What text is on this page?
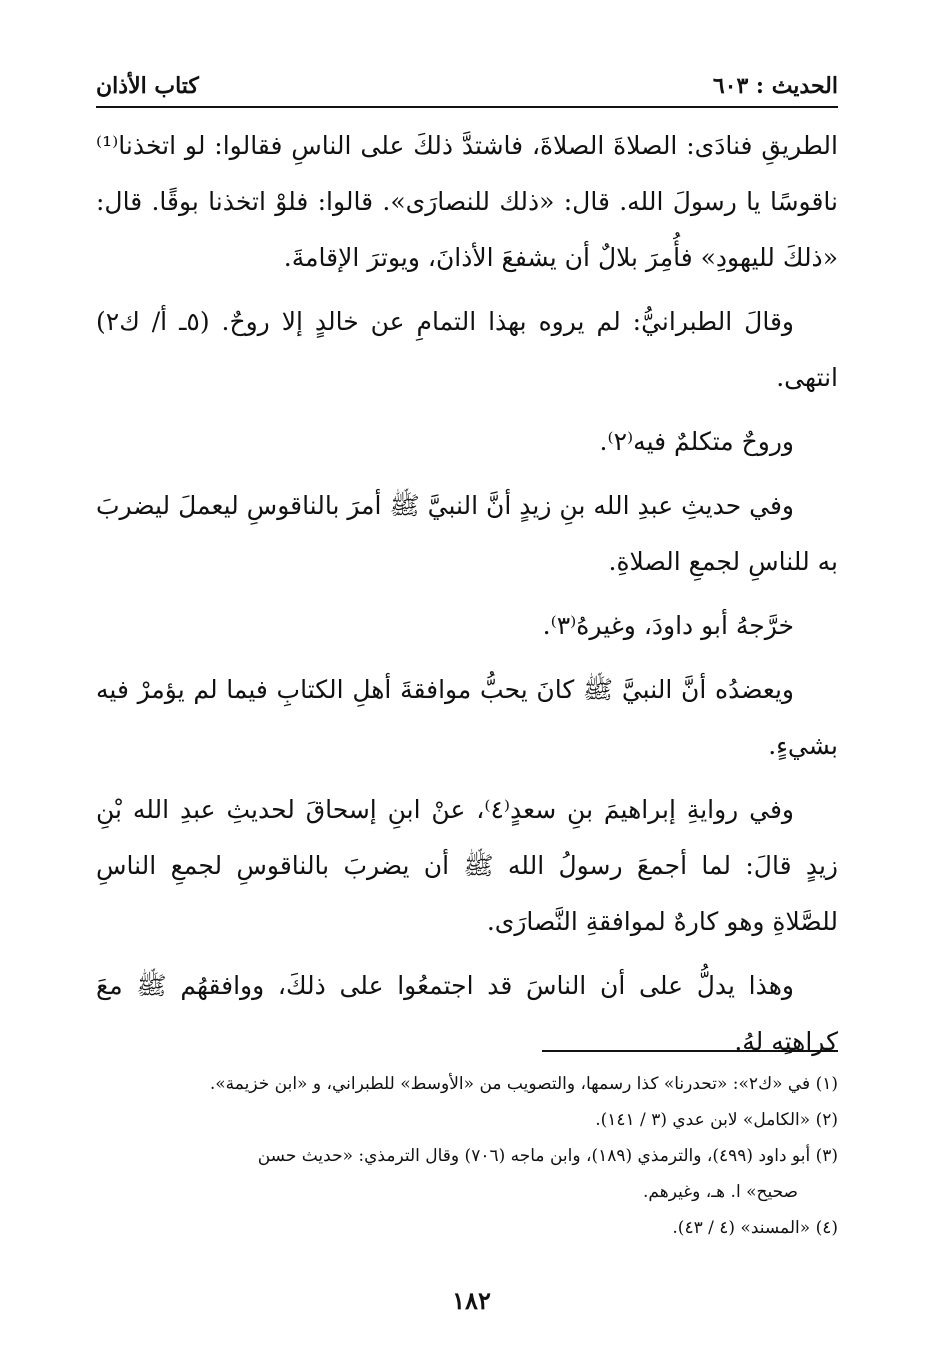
الحديث : ٦٠٣
كتاب الأذان

الطريقِ فنادَى: الصلاةَ الصلاةَ، فاشتدَّ ذلكَ على الناسِ فقالوا: لو اتخذنا⁽¹⁾ ناقوسًا يا رسولَ الله. قال: «ذلك للنصارَى». قالوا: فلوْ اتخذنا بوقًا. قال: «ذلكَ لليهودِ» فأُمِرَ بلالٌ أن يشفعَ الأذانَ، ويوترَ الإقامةَ.

وقالَ الطبرانيُّ: لم يروه بهذا التمامِ عن خالدٍ إلا روحٌ. (٥ـ أ/ ك٢) انتهى.

وروحٌ متكلمٌ فيه⁽٢⁾.

وفي حديثِ عبدِ الله بنِ زيدٍ أنَّ النبيَّ ﷺ أمرَ بالناقوسِ ليعملَ ليضربَ به للناسِ لجمعِ الصلاةِ.

خرَّجهُ أبو داودَ، وغيرهُ⁽٣⁾.

ويعضدُه أنَّ النبيَّ ﷺ كانَ يحبُّ موافقةَ أهلِ الكتابِ فيما لم يؤمرْ فيه بشيءٍ.

وفي روايةِ إبراهيمَ بنِ سعدٍ⁽٤⁾، عنْ ابنِ إسحاقَ لحديثِ عبدِ الله بْنِ زيدٍ قالَ: لما أجمعَ رسولُ الله ﷺ أن يضربَ بالناقوسِ لجمعِ الناسِ للصَّلاةِ وهو كارهٌ لموافقةِ النَّصارَى.

وهذا يدلُّ على أن الناسَ قد اجتمعُوا على ذلكَ، ووافقهُم ﷺ معَ كراهتِه لهُ.

(١) في «ك٢»: «تحدرنا» كذا رسمها، والتصويب من «الأوسط» للطبراني، و «ابن خزيمة».
(٢) «الكامل» لابن عدي (٣ / ١٤١).
(٣) أبو داود (٤٩٩)، والترمذي (١٨٩)، وابن ماجه (٧٠٦) وقال الترمذي: «حديث حسن
صحيح» ا. هـ، وغيرهم.
(٤) «المسند» (٤ / ٤٣).
١٨٢
